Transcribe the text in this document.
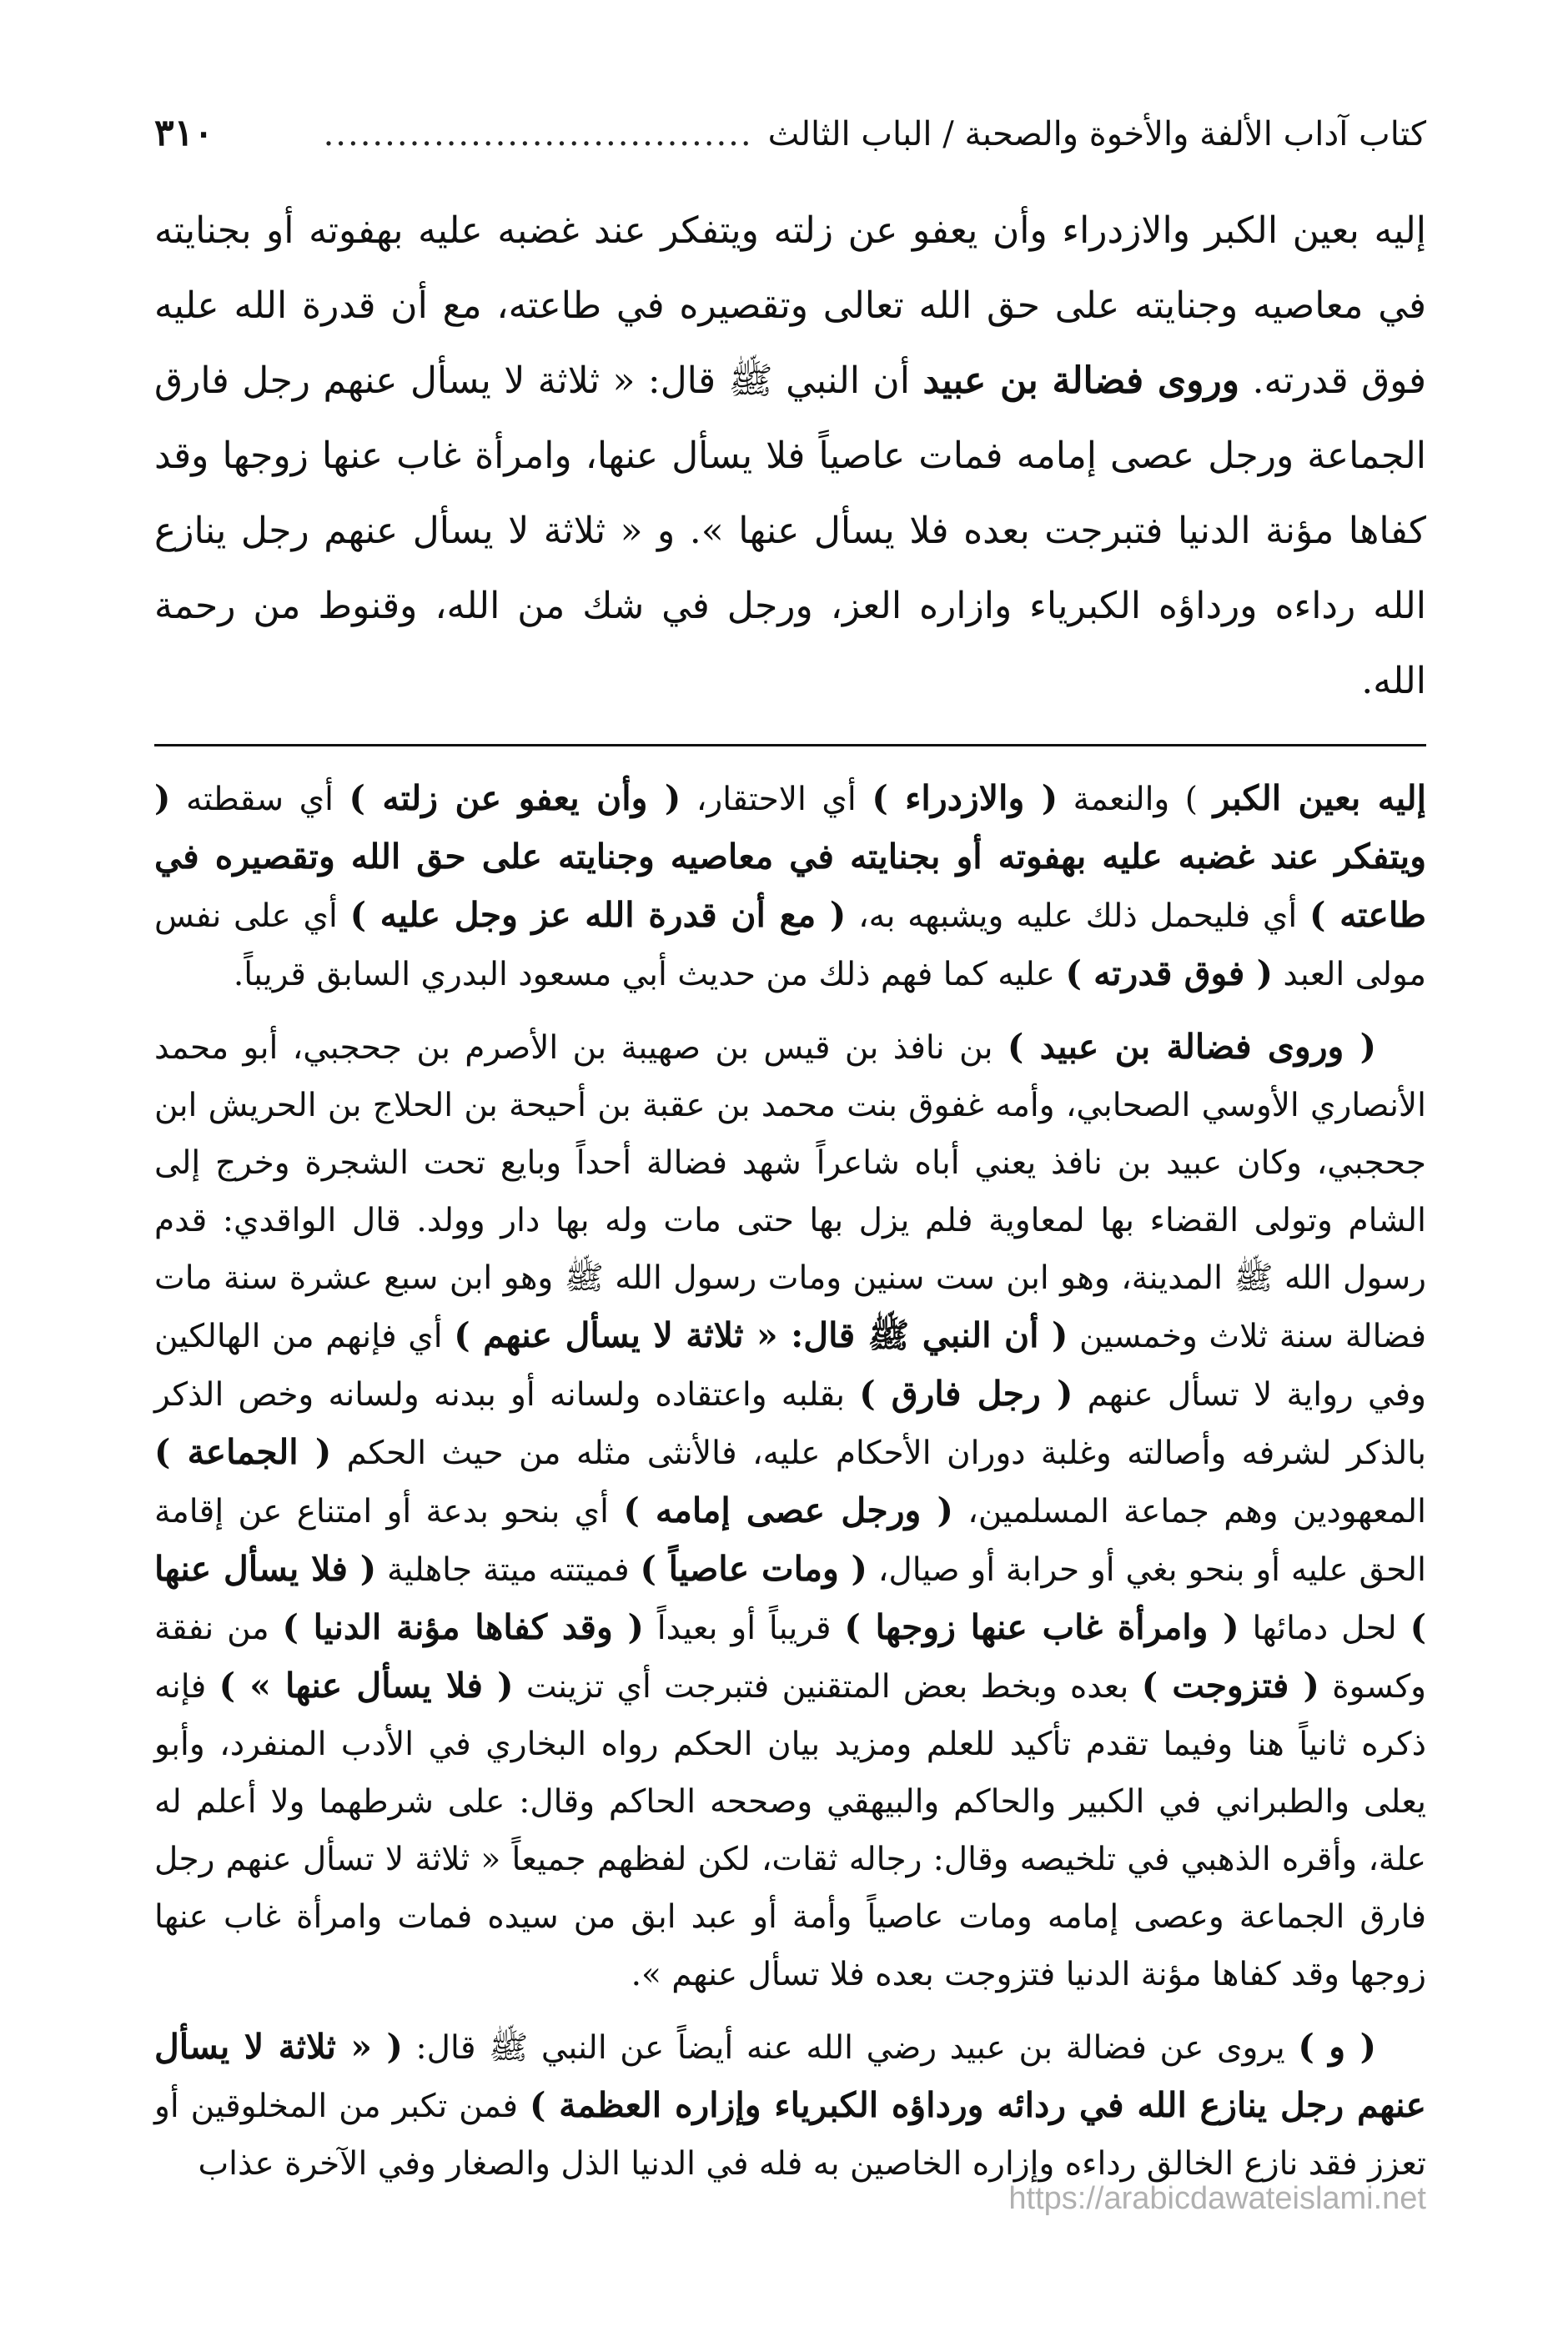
كتاب آداب الألفة والأخوة والصحبة / الباب الثالث
...................................
٣١٠
إليه بعين الكبر والازدراء وأن يعفو عن زلته ويتفكر عند غضبه عليه بهفوته أو بجنايته في معاصيه وجنايته على حق الله تعالى وتقصيره في طاعته، مع أن قدرة الله عليه فوق قدرته. وروى فضالة بن عبيد أن النبي ﷺ قال: « ثلاثة لا يسأل عنهم رجل فارق الجماعة ورجل عصى إمامه فمات عاصياً فلا يسأل عنها، وامرأة غاب عنها زوجها وقد كفاها مؤنة الدنيا فتبرجت بعده فلا يسأل عنها ». و « ثلاثة لا يسأل عنهم رجل ينازع الله رداءه ورداؤه الكبرياء وازاره العز، ورجل في شك من الله، وقنوط من رحمة الله.

إليه بعين الكبر ) والنعمة ( والازدراء ) أي الاحتقار، ( وأن يعفو عن زلته ) أي سقطته ( ويتفكر عند غضبه عليه بهفوته أو بجنايته في معاصيه وجنايته على حق الله وتقصيره في طاعته ) أي فليحمل ذلك عليه ويشبهه به، ( مع أن قدرة الله عز وجل عليه ) أي على نفس مولى العبد ( فوق قدرته ) عليه كما فهم ذلك من حديث أبي مسعود البدري السابق قريباً.

( وروى فضالة بن عبيد ) بن نافذ بن قيس بن صهيبة بن الأصرم بن جحجبي، أبو محمد الأنصاري الأوسي الصحابي، وأمه غفوق بنت محمد بن عقبة بن أحيحة بن الحلاج بن الحريش ابن جحجبي، وكان عبيد بن نافذ يعني أباه شاعراً شهد فضالة أحداً وبايع تحت الشجرة وخرج إلى الشام وتولى القضاء بها لمعاوية فلم يزل بها حتى مات وله بها دار وولد. قال الواقدي: قدم رسول الله ﷺ المدينة، وهو ابن ست سنين ومات رسول الله ﷺ وهو ابن سبع عشرة سنة مات فضالة سنة ثلاث وخمسين ( أن النبي ﷺ قال: « ثلاثة لا يسأل عنهم ) أي فإنهم من الهالكين وفي رواية لا تسأل عنهم ( رجل فارق ) بقلبه واعتقاده ولسانه أو ببدنه ولسانه وخص الذكر بالذكر لشرفه وأصالته وغلبة دوران الأحكام عليه، فالأنثى مثله من حيث الحكم ( الجماعة ) المعهودين وهم جماعة المسلمين، ( ورجل عصى إمامه ) أي بنحو بدعة أو امتناع عن إقامة الحق عليه أو بنحو بغي أو حرابة أو صيال، ( ومات عاصياً ) فميتته ميتة جاهلية ( فلا يسأل عنها ) لحل دمائها ( وامرأة غاب عنها زوجها ) قريباً أو بعيداً ( وقد كفاها مؤنة الدنيا ) من نفقة وكسوة ( فتزوجت ) بعده وبخط بعض المتقنين فتبرجت أي تزينت ( فلا يسأل عنها » ) فإنه ذكره ثانياً هنا وفيما تقدم تأكيد للعلم ومزيد بيان الحكم رواه البخاري في الأدب المنفرد، وأبو يعلى والطبراني في الكبير والحاكم والبيهقي وصححه الحاكم وقال: على شرطهما ولا أعلم له علة، وأقره الذهبي في تلخيصه وقال: رجاله ثقات، لكن لفظهم جميعاً « ثلاثة لا تسأل عنهم رجل فارق الجماعة وعصى إمامه ومات عاصياً وأمة أو عبد ابق من سيده فمات وامرأة غاب عنها زوجها وقد كفاها مؤنة الدنيا فتزوجت بعده فلا تسأل عنهم ».

( و ) يروى عن فضالة بن عبيد رضي الله عنه أيضاً عن النبي ﷺ قال: ( « ثلاثة لا يسأل عنهم رجل ينازع الله في ردائه ورداؤه الكبرياء وإزاره العظمة ) فمن تكبر من المخلوقين أو تعزز فقد نازع الخالق رداءه وإزاره الخاصين به فله في الدنيا الذل والصغار وفي الآخرة عذاب

https://arabicdawateislami.net
